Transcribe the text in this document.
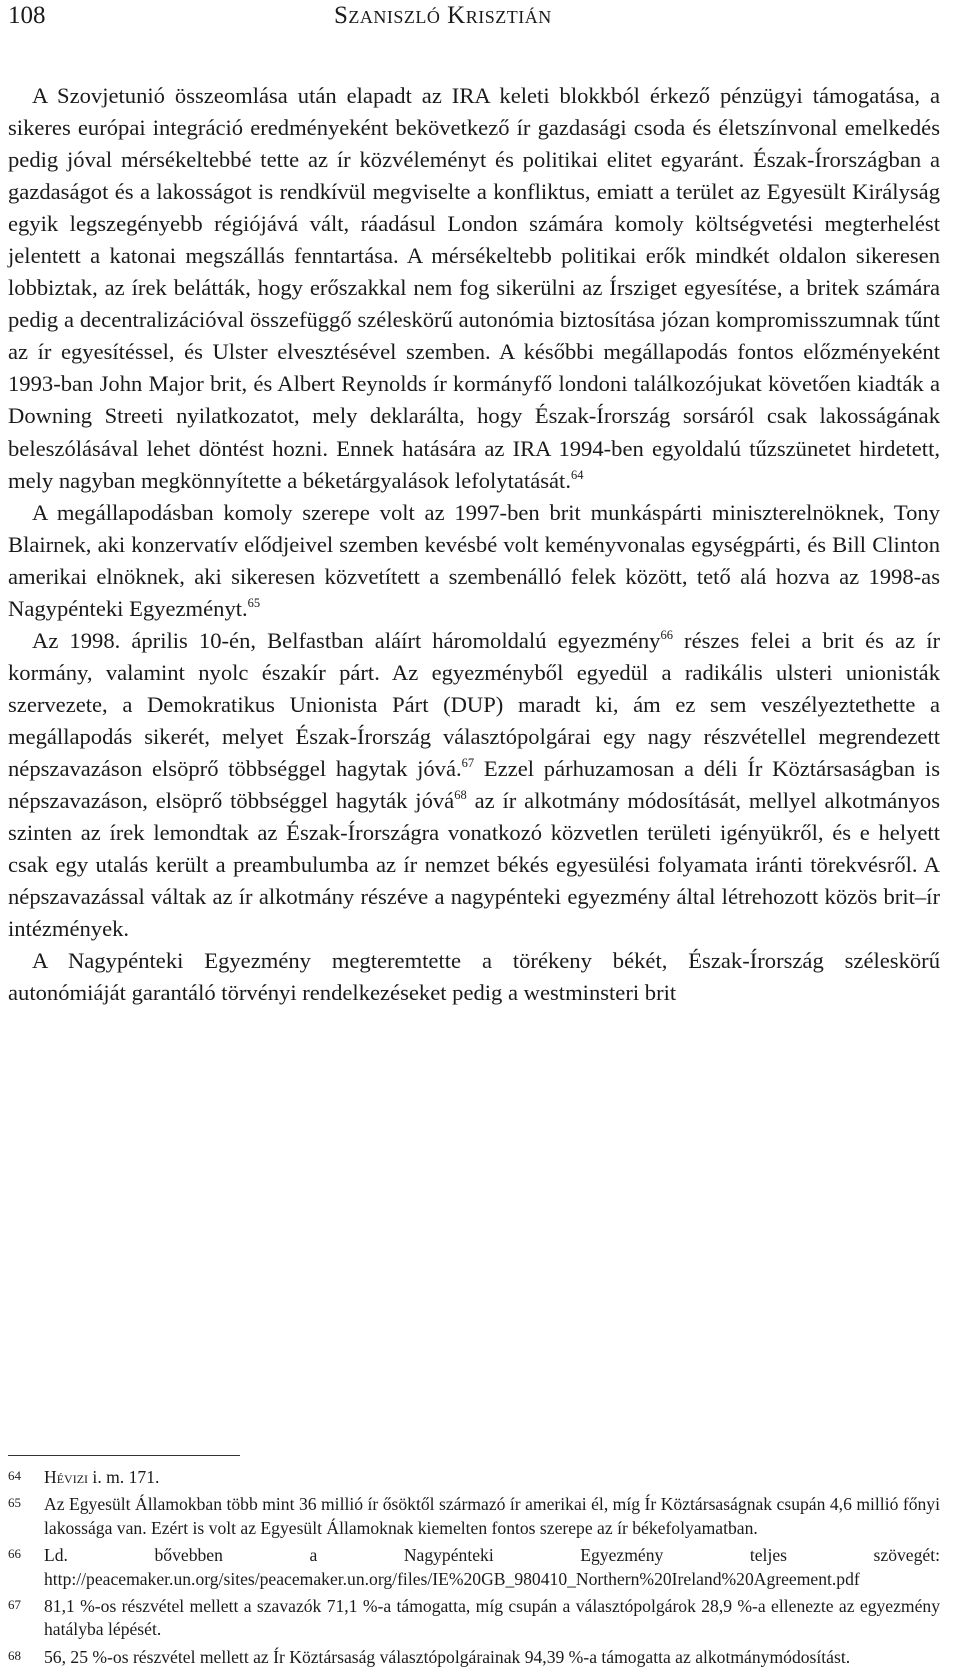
108	Szaniszló Krisztián

A Szovjetunió összeomlása után elapadt az IRA keleti blokkból érkező pénzügyi támogatása, a sikeres európai integráció eredményeként bekövetkező ír gazdasági csoda és életszínvonal emelkedés pedig jóval mérsékeltebbé tette az ír közvéleményt és politikai elitet egyaránt. Észak-Írországban a gazdaságot és a lakosságot is rendkívül megviselte a konfliktus, emiatt a terület az Egyesült Királyság egyik legszegényebb régiójává vált, ráadásul London számára komoly költségvetési megterhelést jelentett a katonai megszállás fenntartása. A mérsékeltebb politikai erők mindkét oldalon sikeresen lobbiztak, az írek belátták, hogy erőszakkal nem fog sikerülni az Írsziget egyesítése, a britek számára pedig a decentralizációval összefüggő széleskörű autonómia biztosítása józan kompromisszumnak tűnt az ír egyesítéssel, és Ulster elvesztésével szemben. A későbbi megállapodás fontos előzményeként 1993-ban John Major brit, és Albert Reynolds ír kormányfő londoni találkozójukat követően kiadták a Downing Streeti nyilatkozatot, mely deklarálta, hogy Észak-Írország sorsáról csak lakosságának beleszólásával lehet döntést hozni. Ennek hatására az IRA 1994-ben egyoldalú tűzszünetet hirdetett, mely nagyban megkönnyítette a béketárgyalások lefolytatását.$^{64}$

A megállapodásban komoly szerepe volt az 1997-ben brit munkáspárti miniszterelnöknek, Tony Blairnek, aki konzervatív elődjeivel szemben kevésbé volt keményvonalas egységpárti, és Bill Clinton amerikai elnöknek, aki sikeresen közvetített a szembenálló felek között, tető alá hozva az 1998-as Nagypénteki Egyezményt.$^{65}$

Az 1998. április 10-én, Belfastban aláírt háromoldalú egyezmény$^{66}$ részes felei a brit és az ír kormány, valamint nyolc északír párt. Az egyezményből egyedül a radikális ulsteri unionisták szervezete, a Demokratikus Unionista Párt (DUP) maradt ki, ám ez sem veszélyeztethette a megállapodás sikerét, melyet Észak-Írország választópolgárai egy nagy részvétellel megrendezett népszavazáson elsöprő többséggel hagytak jóvá.$^{67}$ Ezzel párhuzamosan a déli Ír Köztársaságban is népszavazáson, elsöprő többséggel hagyták jóvá$^{68}$ az ír alkotmány módosítását, mellyel alkotmányos szinten az írek lemondtak az Észak-Írországra vonatkozó közvetlen területi igényükről, és e helyett csak egy utalás került a preambulumba az ír nemzet békés egyesülési folyamata iránti törekvésről. A népszavazással váltak az ír alkotmány részéve a nagypénteki egyezmény által létrehozott közös brit–ír intézmények.

A Nagypénteki Egyezmény megteremtette a törékeny békét, Észak-Írország széleskörű autonómiáját garantáló törvényi rendelkezéseket pedig a westminsteri brit

64	Hévizi i. m. 171.
65	Az Egyesült Államokban több mint 36 millió ír ősöktől származó ír amerikai él, míg Ír Köztársaságnak csupán 4,6 millió főnyi lakossága van. Ezért is volt az Egyesült Államoknak kiemelten fontos szerepe az ír békefolyamatban.
66	Ld. bővebben a Nagypénteki Egyezmény teljes szövegét: http://peacemaker.un.org/sites/peacemaker.un.org/files/IE%20GB_980410_Northern%20Ireland%20Agreement.pdf
67	81,1 %-os részvétel mellett a szavazók 71,1 %-a támogatta, míg csupán a választópolgárok 28,9 %-a ellenezte az egyezmény hatályba lépését.
68	56, 25 %-os részvétel mellett az Ír Köztársaság választópolgárainak 94,39 %-a támogatta az alkotmánymódosítást.
